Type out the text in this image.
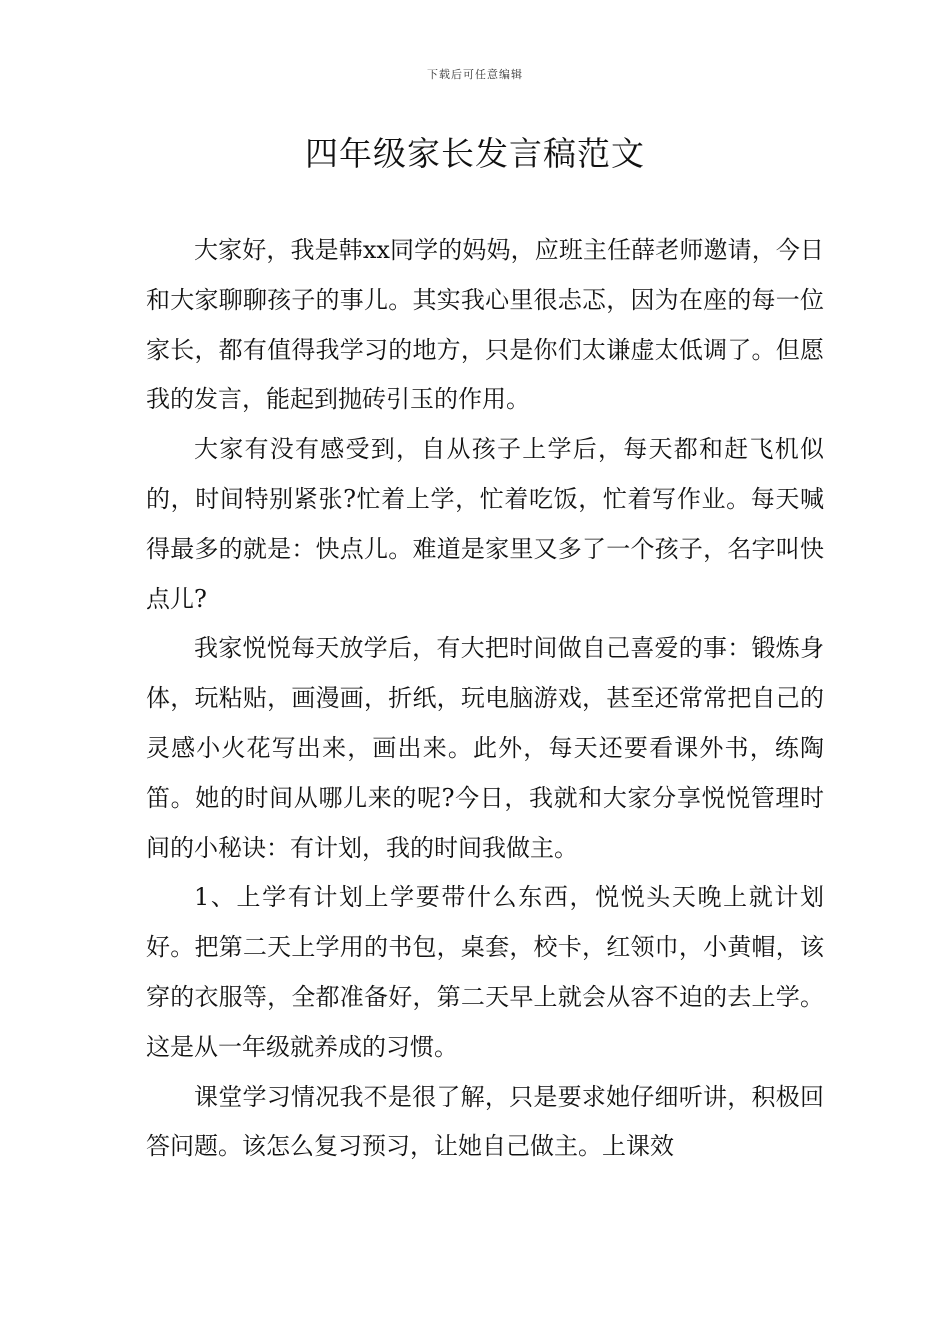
下载后可任意编辑
四年级家长发言稿范文

大家好，我是韩xx同学的妈妈，应班主任薛老师邀请，今日和大家聊聊孩子的事儿。其实我心里很忐忑，因为在座的每一位家长，都有值得我学习的地方，只是你们太谦虚太低调了。但愿我的发言，能起到抛砖引玉的作用。

大家有没有感受到，自从孩子上学后，每天都和赶飞机似的，时间特别紧张?忙着上学，忙着吃饭，忙着写作业。每天喊得最多的就是：快点儿。难道是家里又多了一个孩子，名字叫快点儿?

我家悦悦每天放学后，有大把时间做自己喜爱的事：锻炼身体，玩粘贴，画漫画，折纸，玩电脑游戏，甚至还常常把自己的灵感小火花写出来，画出来。此外，每天还要看课外书，练陶笛。她的时间从哪儿来的呢?今日，我就和大家分享悦悦管理时间的小秘诀：有计划，我的时间我做主。

1、上学有计划上学要带什么东西，悦悦头天晚上就计划好。把第二天上学用的书包，桌套，校卡，红领巾，小黄帽，该穿的衣服等，全都准备好，第二天早上就会从容不迫的去上学。这是从一年级就养成的习惯。

课堂学习情况我不是很了解，只是要求她仔细听讲，积极回答问题。该怎么复习预习，让她自己做主。上课效
